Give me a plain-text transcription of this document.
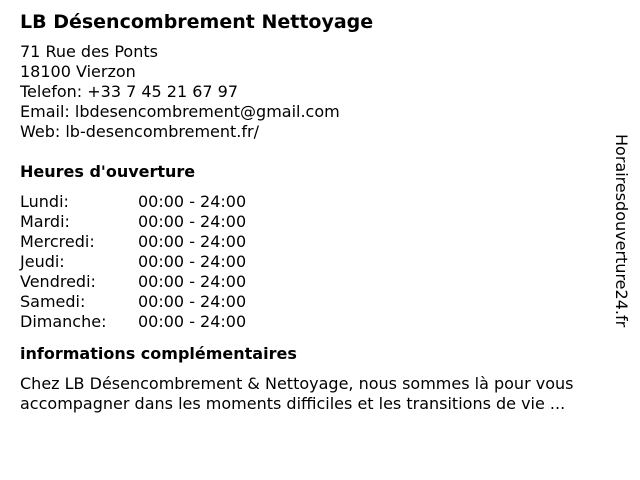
LB Désencombrement Nettoyage
71 Rue des Ponts
18100 Vierzon
Telefon: +33 7 45 21 67 97
Email: lbdesencombrement@gmail.com
Web: lb-desencombrement.fr/
Heures d'ouverture
Lundi:	00:00 - 24:00
Mardi:	00:00 - 24:00
Mercredi:	00:00 - 24:00
Jeudi:	00:00 - 24:00
Vendredi:	00:00 - 24:00
Samedi:	00:00 - 24:00
Dimanche:	00:00 - 24:00
informations complémentaires
Chez LB Désencombrement & Nettoyage, nous sommes là pour vous accompagner dans les moments difficiles et les transitions de vie ...
Horairesdouverture24.fr
